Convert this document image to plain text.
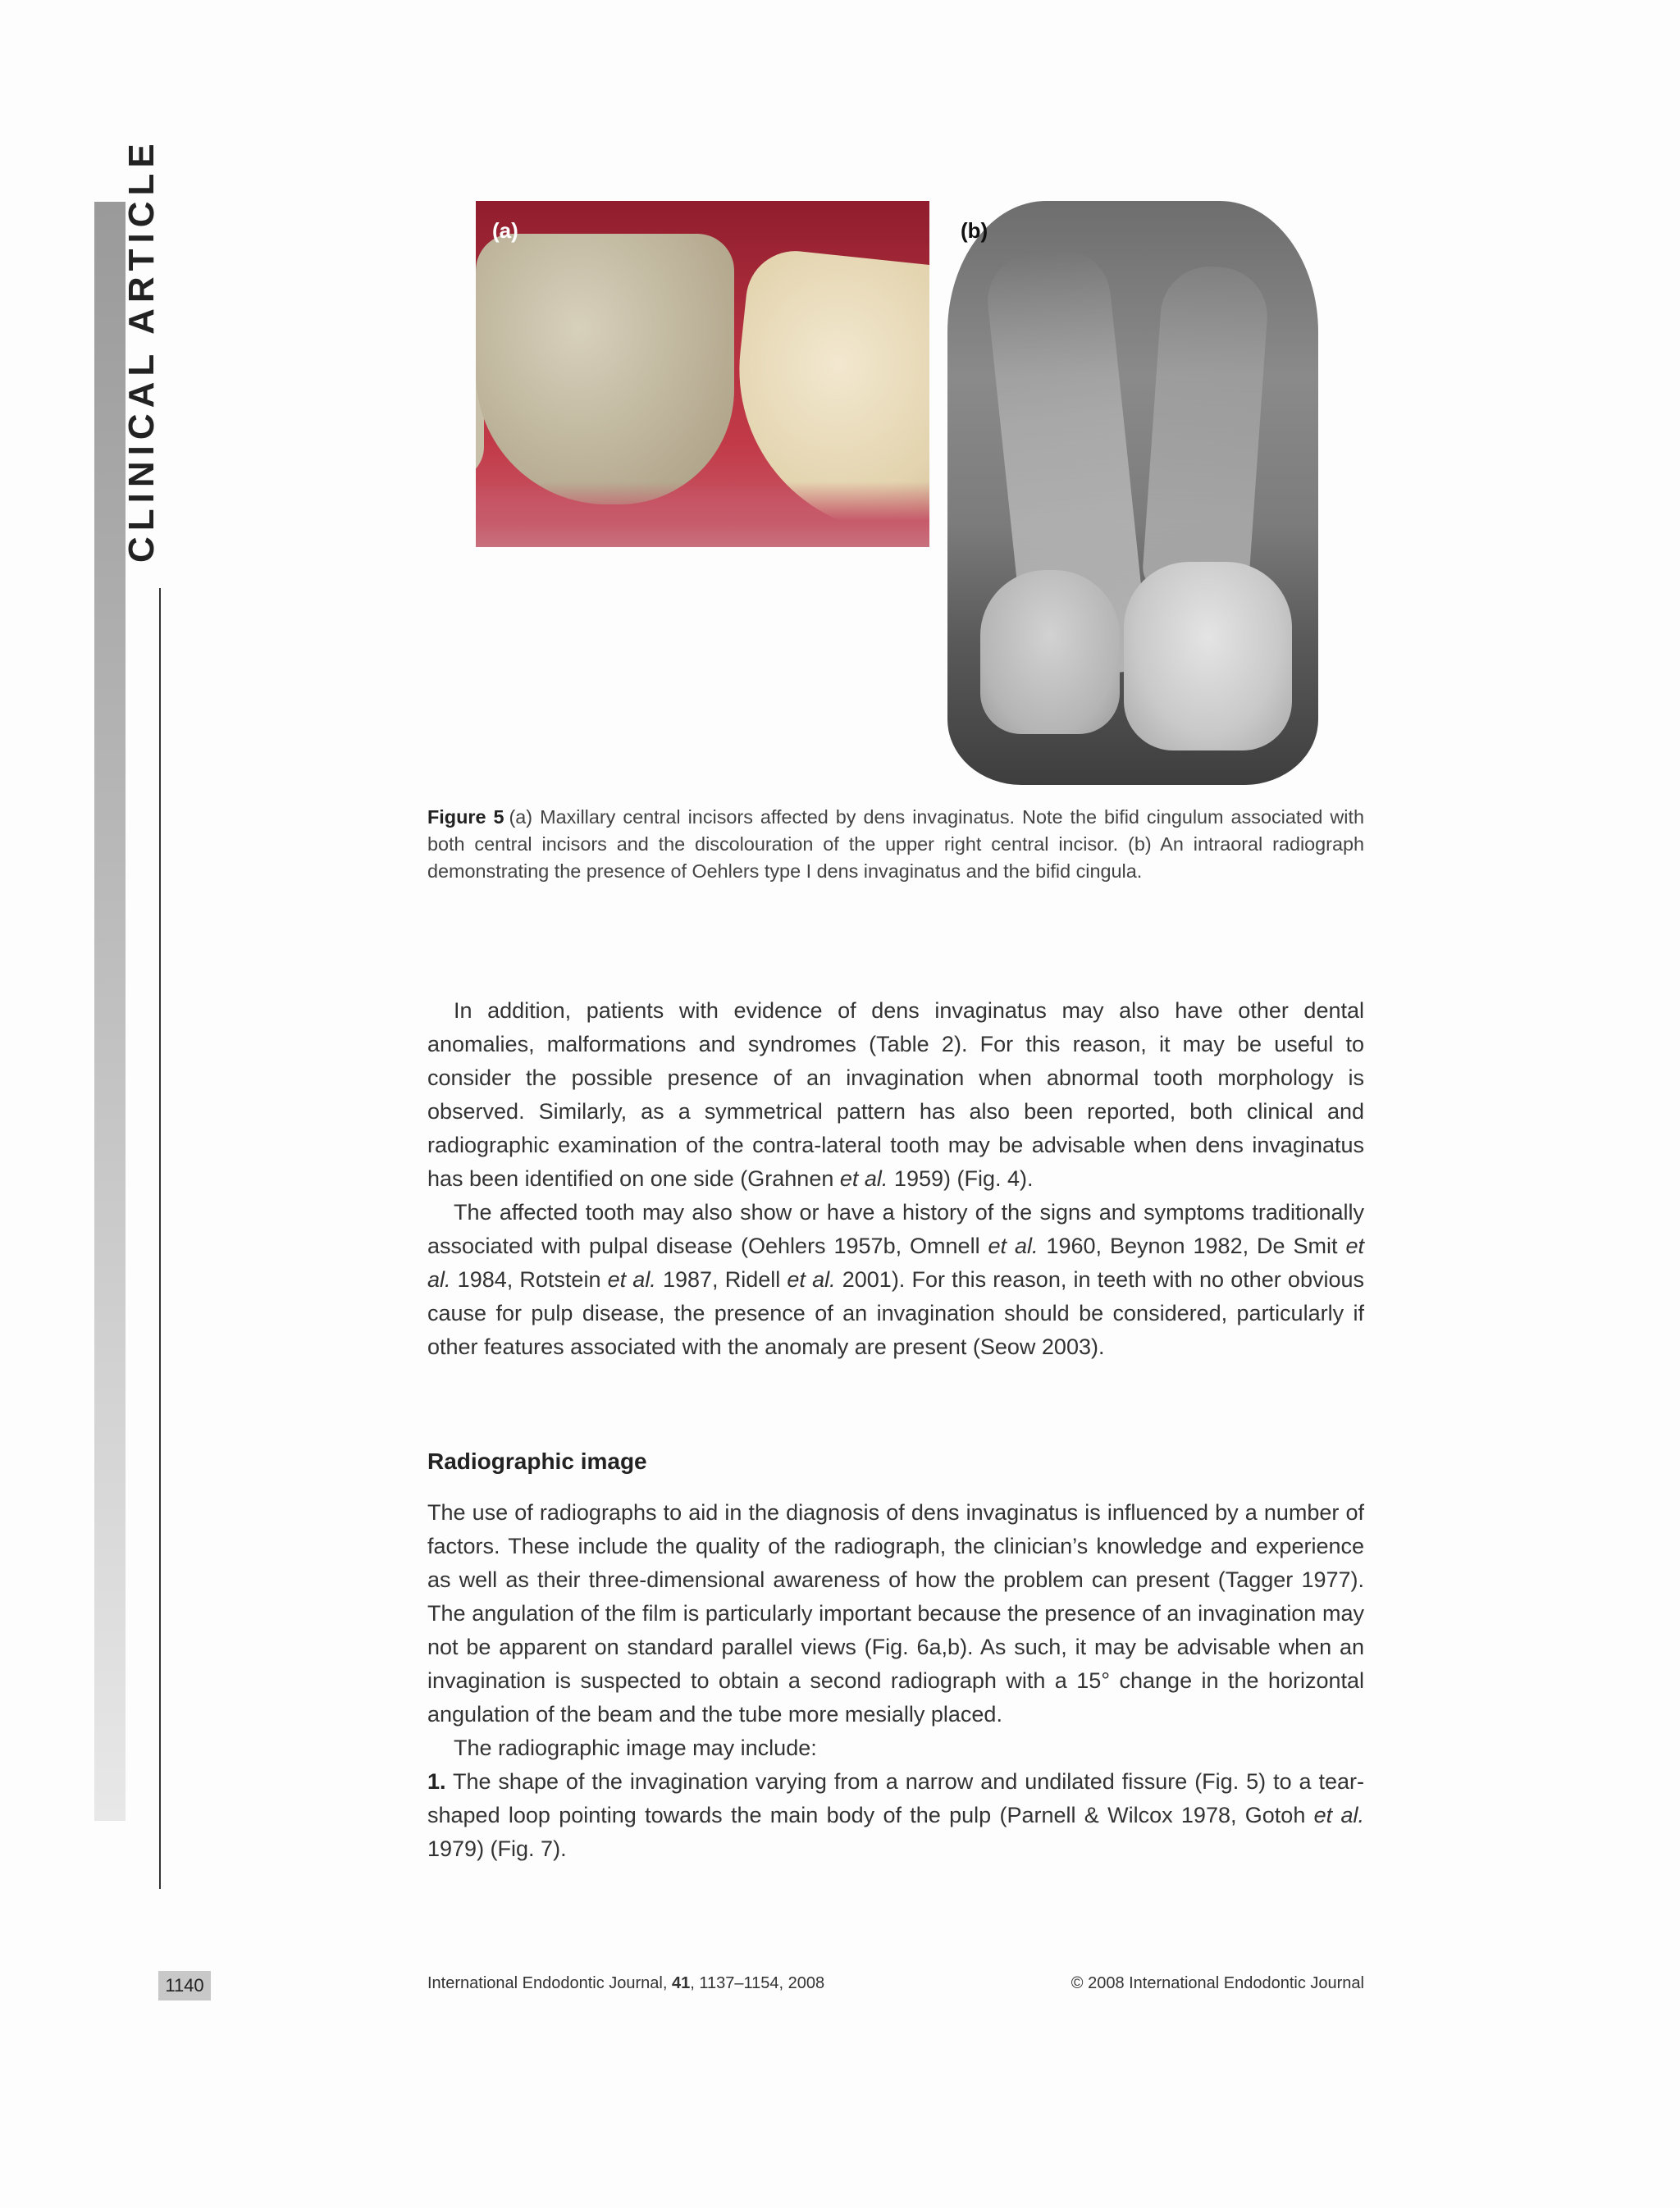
CLINICAL ARTICLE	(a)	(b)
Figure 5 (a) Maxillary central incisors affected by dens invaginatus. Note the bifid cingulum associated with both central incisors and the discolouration of the upper right central incisor. (b) An intraoral radiograph demonstrating the presence of Oehlers type I dens invaginatus and the bifid cingula.

In addition, patients with evidence of dens invaginatus may also have other dental anomalies, malformations and syndromes (Table 2). For this reason, it may be useful to consider the possible presence of an invagination when abnormal tooth morphology is observed. Similarly, as a symmetrical pattern has also been reported, both clinical and radiographic examination of the contra-lateral tooth may be advisable when dens invaginatus has been identified on one side (Grahnen et al. 1959) (Fig. 4).

The affected tooth may also show or have a history of the signs and symptoms traditionally associated with pulpal disease (Oehlers 1957b, Omnell et al. 1960, Beynon 1982, De Smit et al. 1984, Rotstein et al. 1987, Ridell et al. 2001). For this reason, in teeth with no other obvious cause for pulp disease, the presence of an invagination should be considered, particularly if other features associated with the anomaly are present (Seow 2003).

Radiographic image

The use of radiographs to aid in the diagnosis of dens invaginatus is influenced by a number of factors. These include the quality of the radiograph, the clinician’s knowledge and experience as well as their three-dimensional awareness of how the problem can present (Tagger 1977). The angulation of the film is particularly important because the presence of an invagination may not be apparent on standard parallel views (Fig. 6a,b). As such, it may be advisable when an invagination is suspected to obtain a second radiograph with a 15° change in the horizontal angulation of the beam and the tube more mesially placed.

The radiographic image may include:

1. The shape of the invagination varying from a narrow and undilated fissure (Fig. 5) to a tear-shaped loop pointing towards the main body of the pulp (Parnell & Wilcox 1978, Gotoh et al. 1979) (Fig. 7).

1140	International Endodontic Journal, 41, 1137–1154, 2008	© 2008 International Endodontic Journal
